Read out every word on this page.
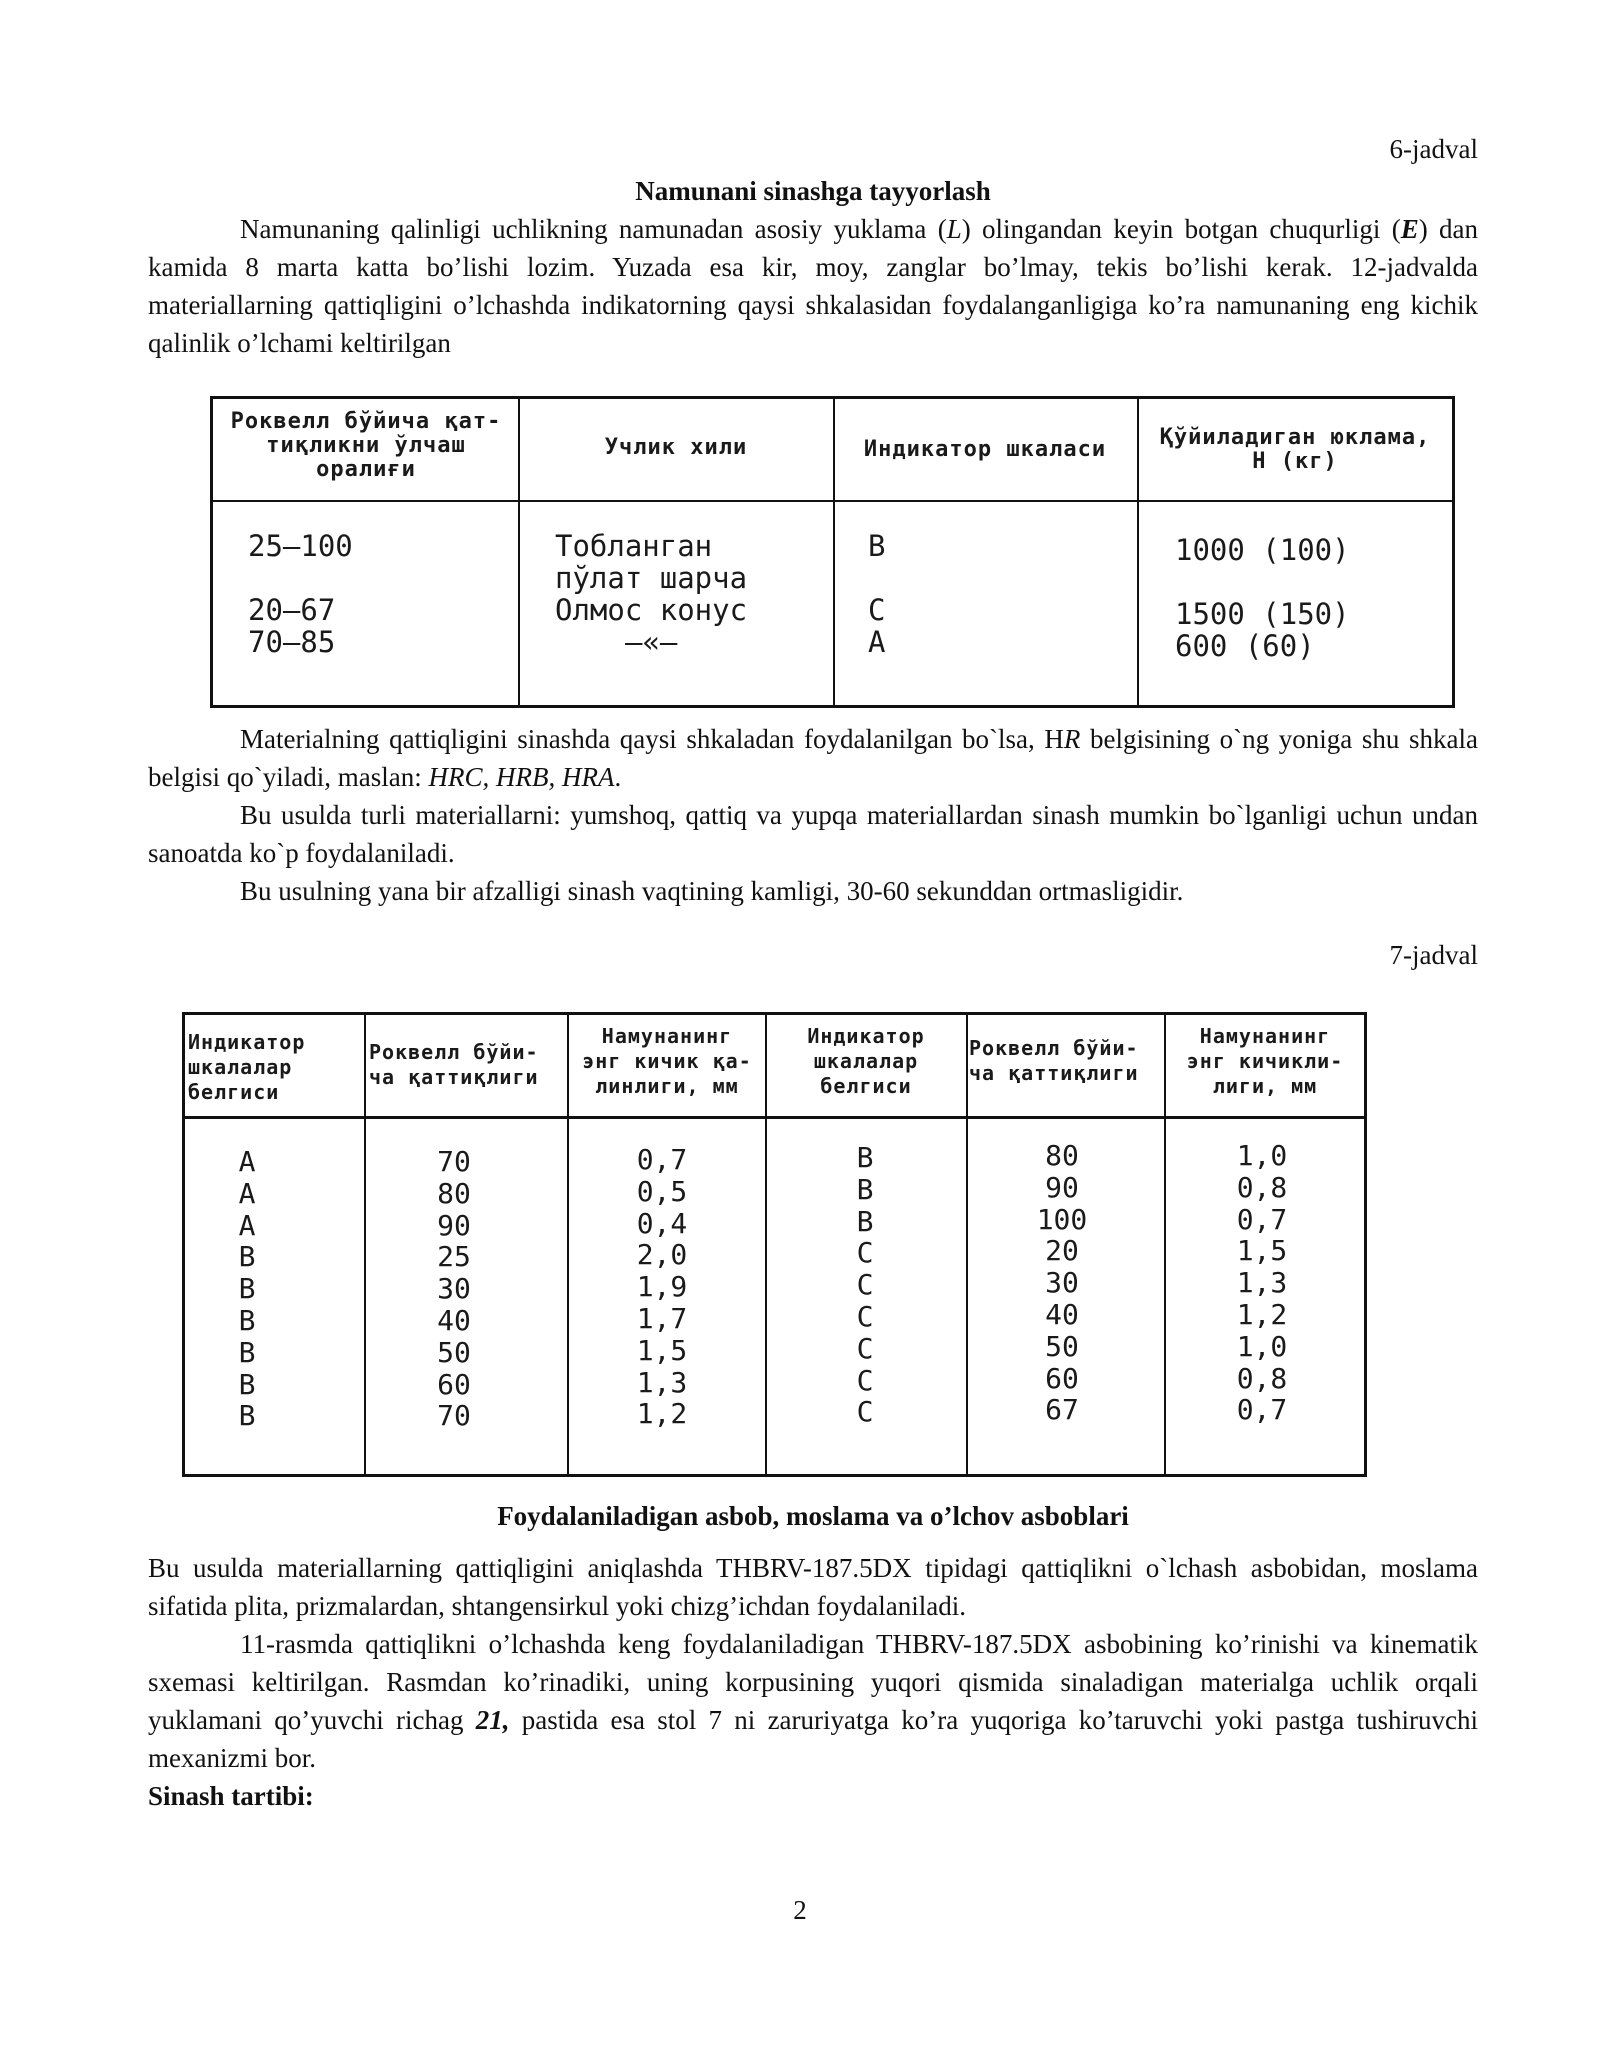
6-jadval

Namunani sinashga tayyorlash

Namunaning qalinligi uchlikning namunadan asosiy yuklama (L) olingandan keyin botgan chuqurligi (E) dan kamida 8 marta katta bo’lishi lozim. Yuzada esa kir, moy, zanglar bo’lmay, tekis bo’lishi kerak. 12-jadvalda materiallarning qattiqligini o’lchashda indikatorning qaysi shkalasidan foydalanganligiga ko’ra namunaning eng kichik qalinlik o’lchami keltirilgan

Роквелл бўйича қат-
тиқликни ўлчаш
оралиғи
Учлик хили	Индикатор шкаласи	Қўйиладиган юклама,
Н (кг)
25—100
20—67
70—85
Тобланган
пўлат шарча
Олмос конус
—«—
B
C
A
1000 (100)
1500 (150)
600 (60)

Materialning qattiqligini sinashda qaysi shkaladan foydalanilgan bo`lsa, HR belgisining o`ng yoniga shu shkala belgisi qo`yiladi, maslan: HRC, HRB, HRA.

Bu usulda turli materiallarni: yumshoq, qattiq va yupqa materiallardan sinash mumkin bo`lganligi uchun undan sanoatda ko`p foydalaniladi.

Bu usulning yana bir afzalligi sinash vaqtining kamligi, 30-60 sekunddan ortmasligidir.

7-jadval
Индикатор
шкалалар
белгиси
Роквелл бўйи-
ча қаттиқлиги
Намунанинг
энг кичик қа-
линлиги, мм
Индикатор
шкалалар
белгиси
Роквелл бўйи-
ча қаттиқлиги
Намунанинг
энг кичикли-
лиги, мм
A
A
A
B
B
B
B
B
B
70
80
90
25
30
40
50
60
70
0,7
0,5
0,4
2,0
1,9
1,7
1,5
1,3
1,2
B
B
B
C
C
C
C
C
C
80
90
100
20
30
40
50
60
67
1,0
0,8
0,7
1,5
1,3
1,2
1,0
0,8
0,7

Foydalaniladigan asbob, moslama va o’lchov asboblari

Bu usulda materiallarning qattiqligini aniqlashda THBRV-187.5DX tipidagi qattiqlikni o`lchash asbobidan, moslama sifatida plita, prizmalardan, shtangensirkul yoki chizg’ichdan foydalaniladi.

11-rasmda qattiqlikni o’lchashda keng foydalaniladigan THBRV-187.5DX asbobining ko’rinishi va kinematik sxemasi keltirilgan. Rasmdan ko’rinadiki, uning korpusining yuqori qismida sinaladigan materialga uchlik orqali yuklamani qo’yuvchi richag 21, pastida esa stol 7 ni zaruriyatga ko’ra yuqoriga ko’taruvchi yoki pastga tushiruvchi mexanizmi bor.

Sinash tartibi:

2
